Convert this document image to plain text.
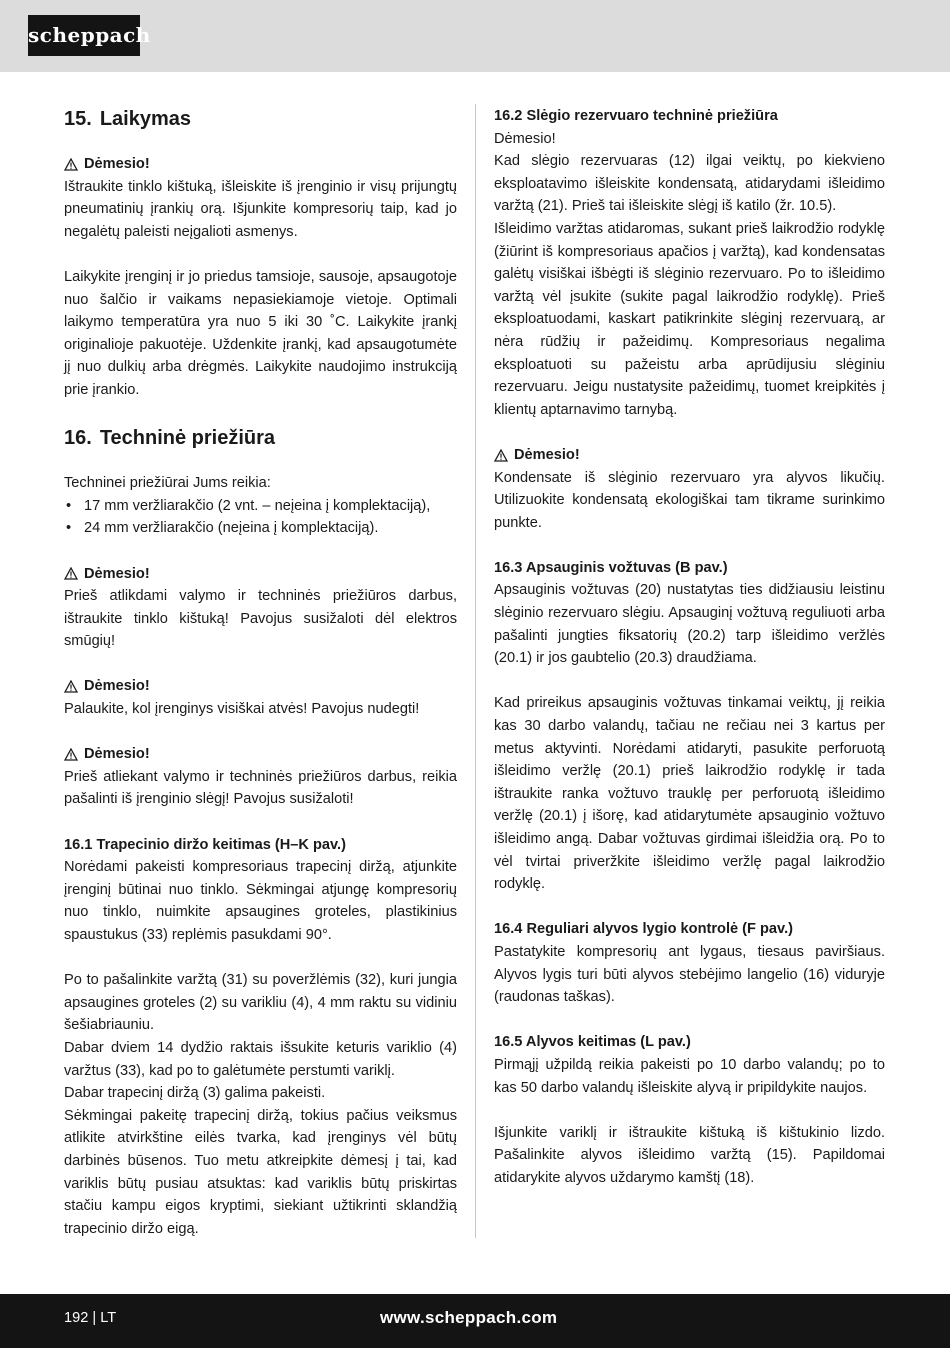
scheppach
15. Laikymas
Dėmesio!

Ištraukite tinklo kištuką, išleiskite iš įrenginio ir visų prijungtų pneumatinių įrankių orą. Išjunkite kompresorių taip, kad jo negalėtų paleisti neįgalioti asmenys.

Laikykite įrenginį ir jo priedus tamsioje, sausoje, apsaugotoje nuo šalčio ir vaikams nepasiekiamoje vietoje. Optimali laikymo temperatūra yra nuo 5 iki 30 ˚C. Laikykite įrankį originalioje pakuotėje. Uždenkite įrankį, kad apsaugotumėte jį nuo dulkių arba drėgmės. Laikykite naudojimo instrukciją prie įrankio.

16. Techninė priežiūra

Techninei priežiūrai Jums reikia:

• 17 mm veržliarakčio (2 vnt. – neįeina į komplektaciją),
• 24 mm veržliarakčio (neįeina į komplektaciją).
Dėmesio!

Prieš atlikdami valymo ir techninės priežiūros darbus, ištraukite tinklo kištuką! Pavojus susižaloti dėl elektros smūgių!

Dėmesio!

Palaukite, kol įrenginys visiškai atvės! Pavojus nudegti!

Dėmesio!

Prieš atliekant valymo ir techninės priežiūros darbus, reikia pašalinti iš įrenginio slėgį! Pavojus susižaloti!

16.1 Trapecinio diržo keitimas (H–K pav.)

Norėdami pakeisti kompresoriaus trapecinį diržą, atjunkite įrenginį būtinai nuo tinklo. Sėkmingai atjungę kompresorių nuo tinklo, nuimkite apsaugines groteles, plastikinius spaustukus (33) replėmis pasukdami 90°.

Po to pašalinkite varžtą (31) su poveržlėmis (32), kuri jungia apsaugines groteles (2) su varikliu (4), 4 mm raktu su vidiniu šešiabriauniu.

Dabar dviem 14 dydžio raktais išsukite keturis variklio (4) varžtus (33), kad po to galėtumėte perstumti variklį.

Dabar trapecinį diržą (3) galima pakeisti.

Sėkmingai pakeitę trapecinį diržą, tokius pačius veiksmus atlikite atvirkštine eilės tvarka, kad įrenginys vėl būtų darbinės būsenos. Tuo metu atkreipkite dėmesį į tai, kad variklis būtų pusiau atsuktas: kad variklis būtų priskirtas stačiu kampu eigos kryptimi, siekiant užtikrinti sklandžią trapecinio diržo eigą.

16.2 Slėgio rezervuaro techninė priežiūra

Dėmesio!

Kad slėgio rezervuaras (12) ilgai veiktų, po kiekvieno eksploatavimo išleiskite kondensatą, atidarydami išleidimo varžtą (21). Prieš tai išleiskite slėgį iš katilo (žr. 10.5).

Išleidimo varžtas atidaromas, sukant prieš laikrodžio rodyklę (žiūrint iš kompresoriaus apačios į varžtą), kad kondensatas galėtų visiškai išbėgti iš slėginio rezervuaro. Po to išleidimo varžtą vėl įsukite (sukite pagal laikrodžio rodyklę). Prieš eksploatuodami, kaskart patikrinkite slėginį rezervuarą, ar nėra rūdžių ir pažeidimų. Kompresoriaus negalima eksploatuoti su pažeistu arba aprūdijusiu slėginiu rezervuaru. Jeigu nustatysite pažeidimų, tuomet kreipkitės į klientų aptarnavimo tarnybą.

Dėmesio!

Kondensate iš slėginio rezervuaro yra alyvos likučių. Utilizuokite kondensatą ekologiškai tam tikrame surinkimo punkte.

16.3 Apsauginis vožtuvas (B pav.)

Apsauginis vožtuvas (20) nustatytas ties didžiausiu leistinu slėginio rezervuaro slėgiu. Apsauginį vožtuvą reguliuoti arba pašalinti jungties fiksatorių (20.2) tarp išleidimo veržlės (20.1) ir jos gaubtelio (20.3) draudžiama.

Kad prireikus apsauginis vožtuvas tinkamai veiktų, jį reikia kas 30 darbo valandų, tačiau ne rečiau nei 3 kartus per metus aktyvinti. Norėdami atidaryti, pasukite perforuotą išleidimo veržlę (20.1) prieš laikrodžio rodyklę ir tada ištraukite ranka vožtuvo trauklę per perforuotą išleidimo veržlę (20.1) į išorę, kad atidarytumėte apsauginio vožtuvo išleidimo angą. Dabar vožtuvas girdimai išleidžia orą. Po to vėl tvirtai priveržkite išleidimo veržlę pagal laikrodžio rodyklę.

16.4 Reguliari alyvos lygio kontrolė (F pav.)

Pastatykite kompresorių ant lygaus, tiesaus paviršiaus. Alyvos lygis turi būti alyvos stebėjimo langelio (16) viduryje (raudonas taškas).

16.5 Alyvos keitimas (L pav.)

Pirmąjį užpildą reikia pakeisti po 10 darbo valandų; po to kas 50 darbo valandų išleiskite alyvą ir pripildykite naujos.

Išjunkite variklį ir ištraukite kištuką iš kištukinio lizdo. Pašalinkite alyvos išleidimo varžtą (15). Papildomai atidarykite alyvos uždarymo kamštį (18).

192 | LT	www.scheppach.com
